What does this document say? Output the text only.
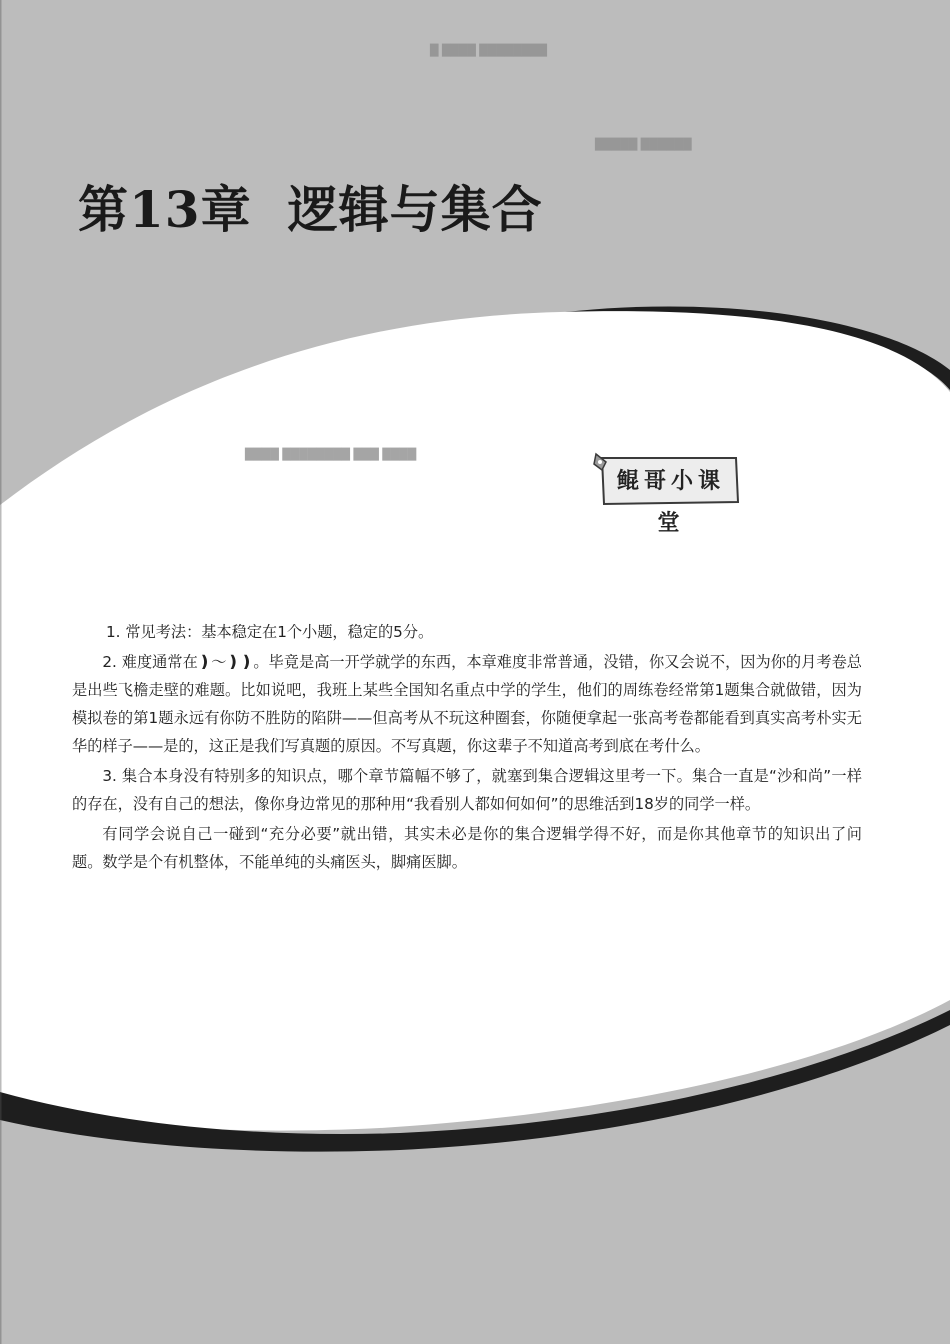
█ ████ ████████
█████ ██████
████ ████████ ███ ████
第13章 逻辑与集合
鲲哥小课堂

1. 常见考法：基本稳定在1个小题，稳定的5分。

2. 难度通常在❫～❫❫。毕竟是高一开学就学的东西，本章难度非常普通，没错，你又会说不，因为你的月考卷总是出些飞檐走壁的难题。比如说吧，我班上某些全国知名重点中学的学生，他们的周练卷经常第1题集合就做错，因为模拟卷的第1题永远有你防不胜防的陷阱——但高考从不玩这种圈套，你随便拿起一张高考卷都能看到真实高考朴实无华的样子——是的，这正是我们写真题的原因。不写真题，你这辈子不知道高考到底在考什么。

3. 集合本身没有特别多的知识点，哪个章节篇幅不够了，就塞到集合逻辑这里考一下。集合一直是“沙和尚”一样的存在，没有自己的想法，像你身边常见的那种用“我看别人都如何如何”的思维活到18岁的同学一样。

有同学会说自己一碰到“充分必要”就出错，其实未必是你的集合逻辑学得不好，而是你其他章节的知识出了问题。数学是个有机整体，不能单纯的头痛医头，脚痛医脚。
